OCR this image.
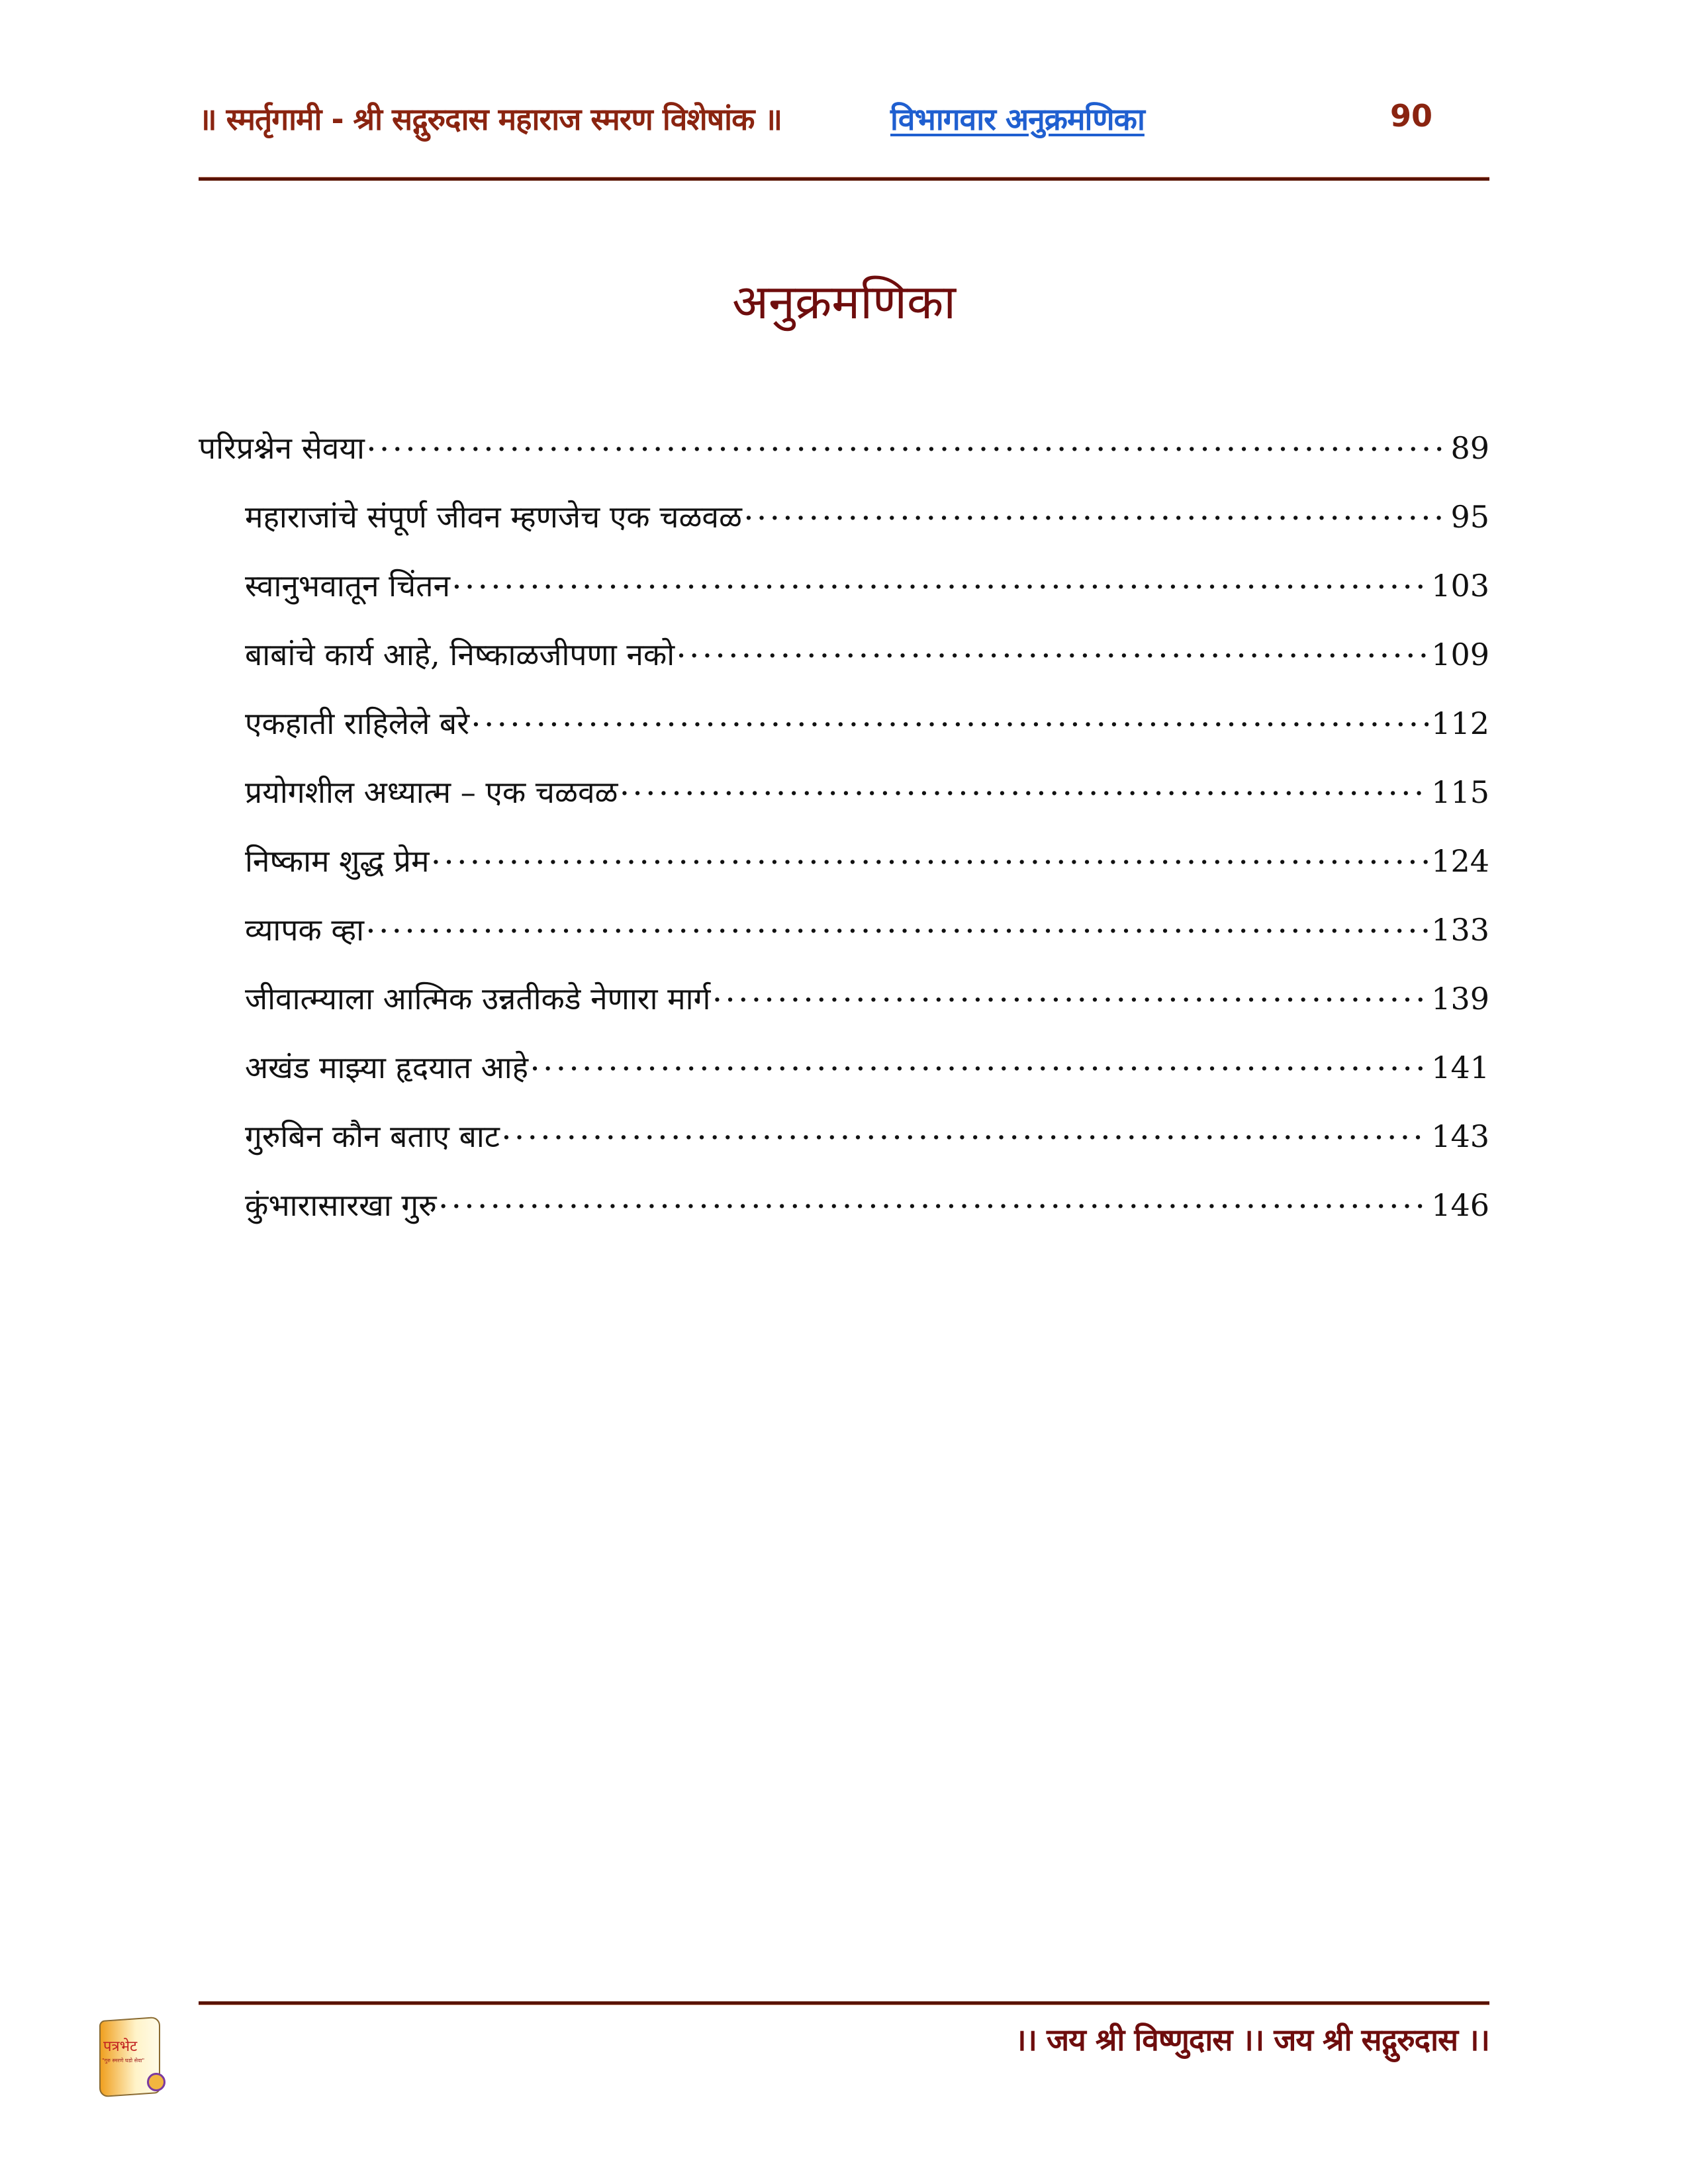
॥ स्मर्तृगामी - श्री सद्गुरुदास महाराज स्मरण विशेषांक ॥	विभागवार अनुक्रमणिका	90
अनुक्रमणिका
परिप्रश्नेन सेवया . . .	89
महाराजांचे संपूर्ण जीवन म्हणजेच एक चळवळ . . .	95
स्वानुभवातून चिंतन . . .	103
बाबांचे कार्य आहे, निष्काळजीपणा नको . . .	109
एकहाती राहिलेले बरे . . .	112
प्रयोगशील अध्यात्म – एक चळवळ . . .	115
निष्काम शुद्ध प्रेम . . .	124
व्यापक व्हा . . .	133
जीवात्म्याला आत्मिक उन्नतीकडे नेणारा मार्ग . . .	139
अखंड माझ्या हृदयात आहे . . .	141
गुरुबिन कौन बताए बाट . . .	143
कुंभारासारखा गुरु . . .	146
पत्रभेट
"गुरु स्मरणे घडो सेवा"
।। जय श्री विष्णुदास ।। जय श्री सद्गुरुदास ।।
